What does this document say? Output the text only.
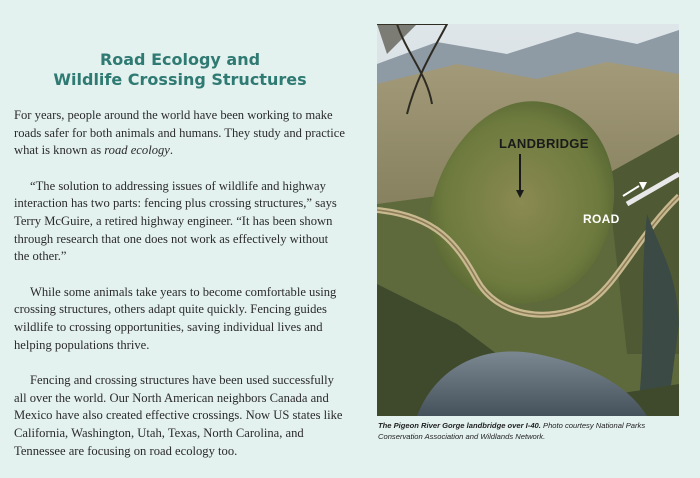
Road Ecology and
Wildlife Crossing Structures

For years, people around the world have been working to make roads safer for both animals and humans. They study and practice what is known as road ecology.

“The solution to addressing issues of wildlife and highway interaction has two parts: fencing plus crossing structures,” says Terry McGuire, a retired highway engineer. “It has been shown through research that one does not work as effectively without the other.”

While some animals take years to become comfortable using crossing structures, others adapt quite quickly. Fencing guides wildlife to crossing opportunities, saving individual lives and helping populations thrive.

Fencing and crossing structures have been used successfully all over the world. Our North American neighbors Canada and Mexico have also created effective crossings. Now US states like California, Washington, Utah, Texas, North Carolina, and Tennessee are focusing on road ecology too.

LANDBRIDGE
ROAD
The Pigeon River Gorge landbridge over I-40. Photo courtesy National Parks Conservation Association and Wildlands Network.
